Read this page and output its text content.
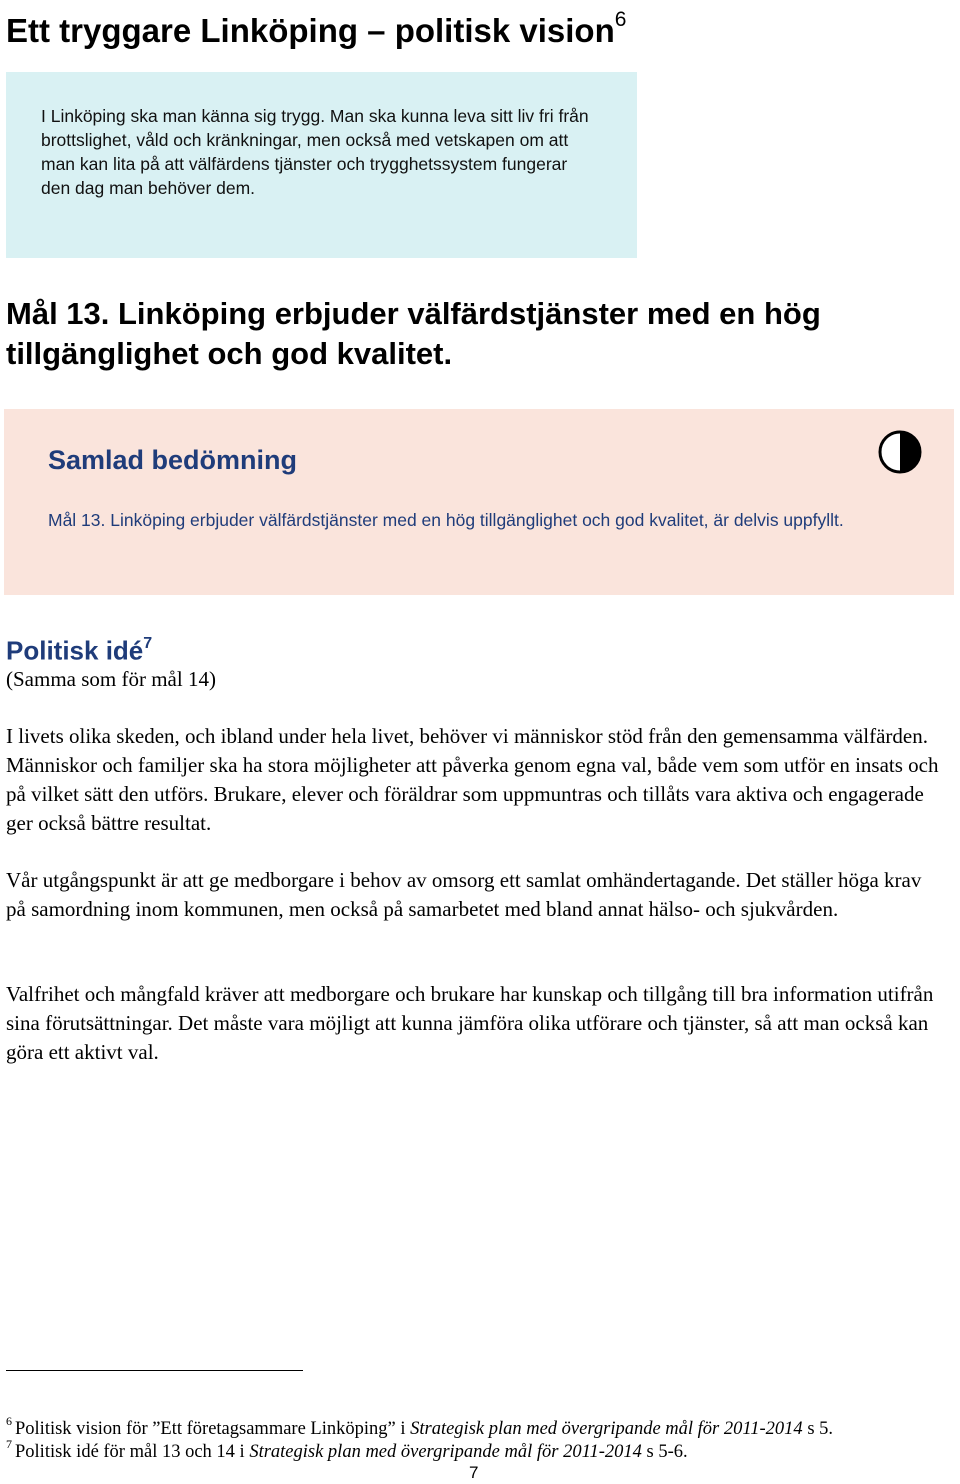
Ett tryggare Linköping – politisk vision$^6$
I Linköping ska man känna sig trygg. Man ska kunna leva sitt liv fri från brottslighet, våld och kränkningar, men också med vetskapen om att man kan lita på att välfärdens tjänster och trygghetssystem fungerar den dag man behöver dem.
Mål 13. Linköping erbjuder välfärdstjänster med en hög tillgänglighet och god kvalitet.
Samlad bedömning
Mål 13. Linköping erbjuder välfärdstjänster med en hög tillgänglighet och god kvalitet, är delvis uppfyllt.
Politisk idé$^7$
(Samma som för mål 14)

I livets olika skeden, och ibland under hela livet, behöver vi människor stöd från den gemensamma välfärden. Människor och familjer ska ha stora möjligheter att påverka genom egna val, både vem som utför en insats och på vilket sätt den utförs. Brukare, elever och föräldrar som uppmuntras och tillåts vara aktiva och engagerade ger också bättre resultat.

Vår utgångspunkt är att ge medborgare i behov av omsorg ett samlat omhändertagande. Det ställer höga krav på samordning inom kommunen, men också på samarbetet med bland annat hälso- och sjukvården.

Valfrihet och mångfald kräver att medborgare och brukare har kunskap och tillgång till bra information utifrån sina förutsättningar. Det måste vara möjligt att kunna jämföra olika utförare och tjänster, så att man också kan göra ett aktivt val.

$^6$ Politisk vision för ”Ett företagsammare Linköping” i Strategisk plan med övergripande mål för 2011-2014 s 5.
$^7$ Politisk idé för mål 13 och 14 i Strategisk plan med övergripande mål för 2011-2014 s 5-6.
7
